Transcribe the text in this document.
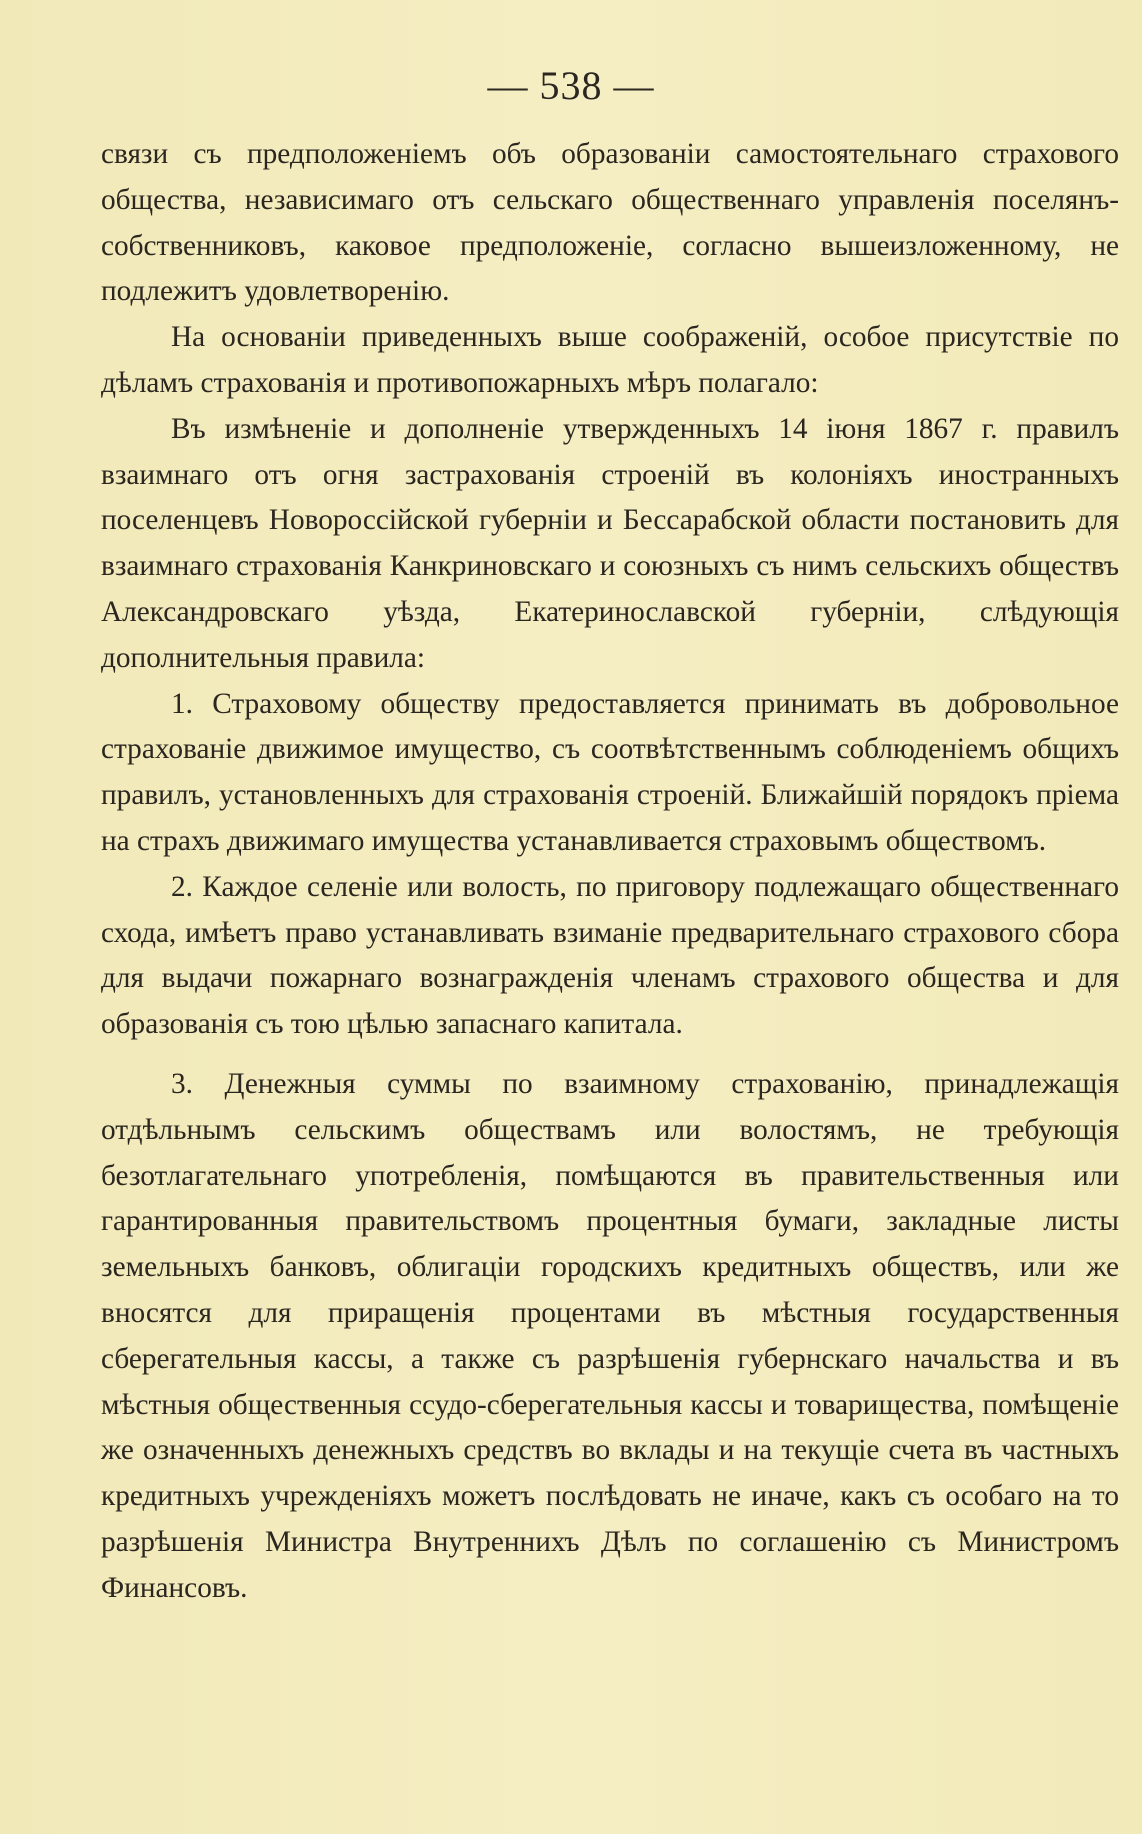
— 538 —

связи съ предположеніемъ объ образованіи самостоятельнаго страхового общества, независимаго отъ сельскаго общественнаго управленія поселянъ-собственниковъ, каковое предположеніе, согласно вышеизложенному, не подлежитъ удовлетворенію.

На основаніи приведенныхъ выше соображеній, особое присутствіе по дѣламъ страхованія и противопожарныхъ мѣръ полагало:

Въ измѣненіе и дополненіе утвержденныхъ 14 іюня 1867 г. правилъ взаимнаго отъ огня застрахованія строеній въ колоніяхъ иностранныхъ поселенцевъ Новороссійской губерніи и Бессарабской области постановить для взаимнаго страхованія Канкриновскаго и союзныхъ съ нимъ сельскихъ обществъ Александровскаго уѣзда, Екатеринославской губерніи, слѣдующія дополнительныя правила:

1. Страховому обществу предоставляется принимать въ добровольное страхованіе движимое имущество, съ соотвѣтственнымъ соблюденіемъ общихъ правилъ, установленныхъ для страхованія строеній. Ближайшій порядокъ пріема на страхъ движимаго имущества устанавливается страховымъ обществомъ.

2. Каждое селеніе или волость, по приговору подлежащаго общественнаго схода, имѣетъ право устанавливать взиманіе предварительнаго страхового сбора для выдачи пожарнаго вознагражденія членамъ страхового общества и для образованія съ тою цѣлью запаснаго капитала.

3. Денежныя суммы по взаимному страхованію, принадлежащія отдѣльнымъ сельскимъ обществамъ или волостямъ, не требующія безотлагательнаго употребленія, помѣщаются въ правительственныя или гарантированныя правительствомъ процентныя бумаги, закладные листы земельныхъ банковъ, облигаціи городскихъ кредитныхъ обществъ, или же вносятся для приращенія процентами въ мѣстныя государственныя сберегательныя кассы, а также съ разрѣшенія губернскаго начальства и въ мѣстныя общественныя ссудо-сберегательныя кассы и товарищества, помѣщеніе же означенныхъ денежныхъ средствъ во вклады и на текущіе счета въ частныхъ кредитныхъ учрежденіяхъ можетъ послѣдовать не иначе, какъ съ особаго на то разрѣшенія Министра Внутреннихъ Дѣлъ по соглашенію съ Министромъ Финансовъ.
